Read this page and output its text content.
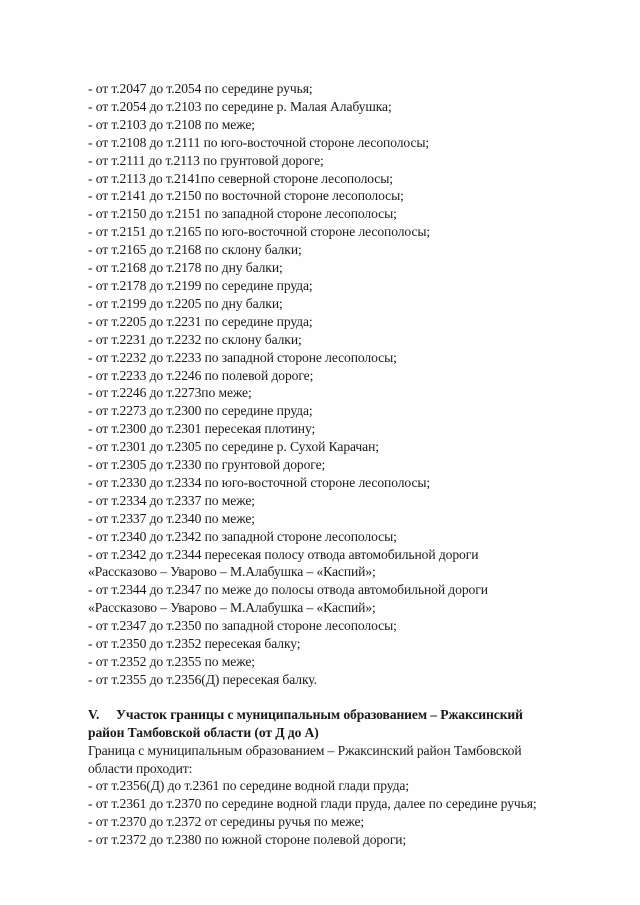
- от т.2047 до т.2054 по середине ручья;

- от т.2054 до т.2103 по середине р. Малая Алабушка;

- от т.2103 до т.2108 по меже;

- от т.2108 до т.2111 по юго-восточной стороне лесополосы;

- от т.2111 до т.2113 по грунтовой дороге;

- от т.2113 до т.2141по северной стороне лесополосы;

- от т.2141 до т.2150 по восточной стороне лесополосы;

- от т.2150 до т.2151 по западной стороне лесополосы;

- от т.2151 до т.2165 по юго-восточной стороне лесополосы;

- от т.2165 до т.2168 по склону балки;

- от т.2168 до т.2178 по дну балки;

- от т.2178 до т.2199 по середине пруда;

- от т.2199 до т.2205 по дну балки;

- от т.2205 до т.2231 по середине пруда;

- от т.2231 до т.2232 по склону балки;

- от т.2232 до т.2233 по западной стороне лесополосы;

- от т.2233 до т.2246 по полевой дороге;

- от т.2246 до т.2273по меже;

- от т.2273 до т.2300 по середине пруда;

- от т.2300 до т.2301 пересекая плотину;

- от т.2301 до т.2305 по середине р. Сухой Карачан;

- от т.2305 до т.2330 по грунтовой дороге;

- от т.2330 до т.2334 по юго-восточной стороне лесополосы;

- от т.2334 до т.2337 по меже;

- от т.2337 до т.2340 по меже;

- от т.2340 до т.2342 по западной стороне лесополосы;

- от т.2342 до т.2344 пересекая полосу отвода автомобильной дороги

«Рассказово – Уварово – М.Алабушка – «Каспий»;

- от т.2344 до т.2347 по меже до полосы отвода автомобильной дороги

«Рассказово – Уварово – М.Алабушка – «Каспий»;

- от т.2347 до т.2350 по западной стороне лесополосы;

- от т.2350 до т.2352 пересекая балку;

- от т.2352 до т.2355 по меже;

- от т.2355 до т.2356(Д) пересекая балку.

V. Участок границы с муниципальным образованием – Ржаксинский

район Тамбовской области (от Д до А)

Граница с муниципальным образованием – Ржаксинский район Тамбовской

области проходит:

- от т.2356(Д) до т.2361 по середине водной глади пруда;

- от т.2361 до т.2370 по середине водной глади пруда, далее по середине ручья;

- от т.2370 до т.2372 от середины ручья по меже;

- от т.2372 до т.2380 по южной стороне полевой дороги;
